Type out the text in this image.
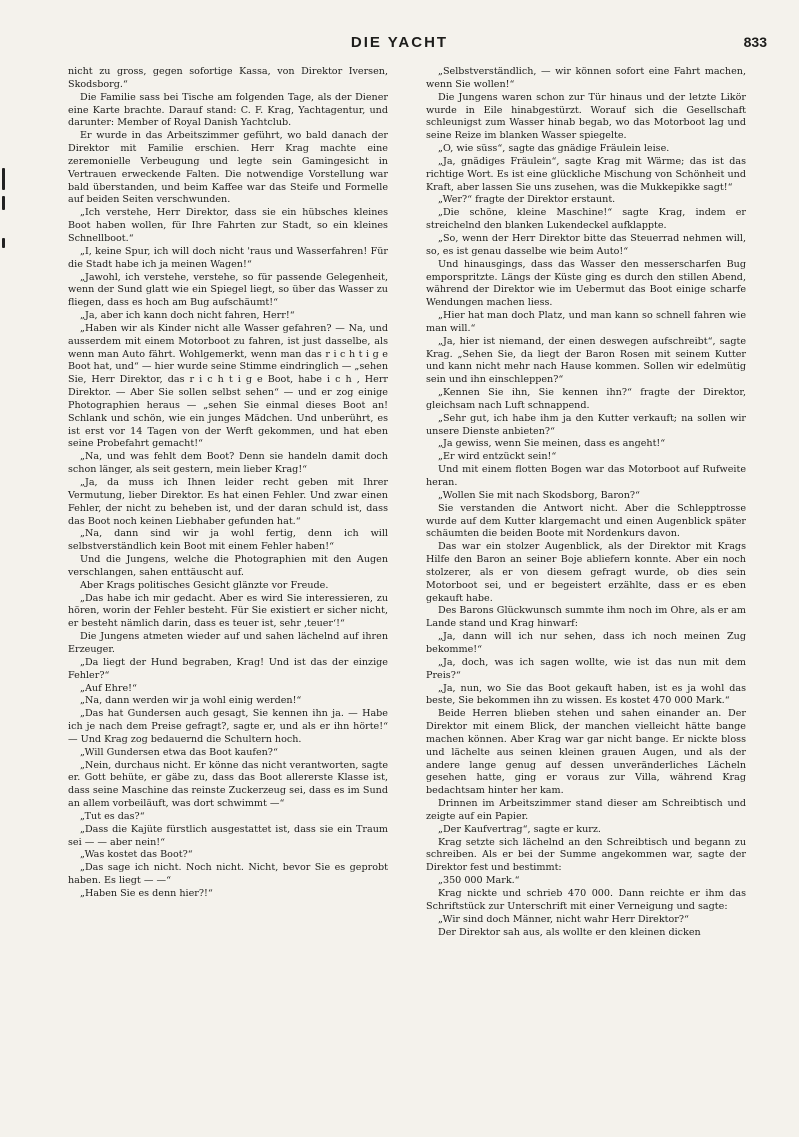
DIE YACHT	833

nicht zu gross, gegen sofortige Kassa, von Direktor Iversen, Skodsborg.“

Die Familie sass bei Tische am folgenden Tage, als der Diener eine Karte brachte. Darauf stand: C. F. Krag, Yachtagentur, und darunter: Member of Royal Danish Yachtclub.

Er wurde in das Arbeitszimmer geführt, wo bald danach der Direktor mit Familie erschien. Herr Krag machte eine zeremonielle Verbeugung und legte sein Gamingesicht in Vertrauen erweckende Falten. Die notwendige Vorstellung war bald überstanden, und beim Kaffee war das Steife und Formelle auf beiden Seiten verschwunden.

„Ich verstehe, Herr Direktor, dass sie ein hübsches kleines Boot haben wollen, für Ihre Fahrten zur Stadt, so ein kleines Schnellboot.“

„I, keine Spur, ich will doch nicht 'raus und Wasserfahren! Für die Stadt habe ich ja meinen Wagen!“

„Jawohl, ich verstehe, verstehe, so für passende Gelegenheit, wenn der Sund glatt wie ein Spiegel liegt, so über das Wasser zu fliegen, dass es hoch am Bug aufschäumt!“

„Ja, aber ich kann doch nicht fahren, Herr!“

„Haben wir als Kinder nicht alle Wasser gefahren? — Na, und ausserdem mit einem Motorboot zu fahren, ist just dasselbe, als wenn man Auto fährt. Wohlgemerkt, wenn man das r i c h t i g e Boot hat, und“ — hier wurde seine Stimme eindringlich — „sehen Sie, Herr Direktor, das r i c h t i g e Boot, habe i c h , Herr Direktor. — Aber Sie sollen selbst sehen“ — und er zog einige Photographien heraus — „sehen Sie einmal dieses Boot an! Schlank und schön, wie ein junges Mädchen. Und unberührt, es ist erst vor 14 Tagen von der Werft gekommen, und hat eben seine Probefahrt gemacht!“

„Na, und was fehlt dem Boot? Denn sie handeln damit doch schon länger, als seit gestern, mein lieber Krag!“

„Ja, da muss ich Ihnen leider recht geben mit Ihrer Vermutung, lieber Direktor. Es hat einen Fehler. Und zwar einen Fehler, der nicht zu beheben ist, und der daran schuld ist, dass das Boot noch keinen Liebhaber gefunden hat.“

„Na, dann sind wir ja wohl fertig, denn ich will selbstverständlich kein Boot mit einem Fehler haben!“

Und die Jungens, welche die Photographien mit den Augen verschlangen, sahen enttäuscht auf.

Aber Krags politisches Gesicht glänzte vor Freude.

„Das habe ich mir gedacht. Aber es wird Sie interessieren, zu hören, worin der Fehler besteht. Für Sie existiert er sicher nicht, er besteht nämlich darin, dass es teuer ist, sehr ‚teuer‘!“

Die Jungens atmeten wieder auf und sahen lächelnd auf ihren Erzeuger.

„Da liegt der Hund begraben, Krag! Und ist das der einzige Fehler?“

„Auf Ehre!“

„Na, dann werden wir ja wohl einig werden!“

„Das hat Gundersen auch gesagt, Sie kennen ihn ja. — Habe ich je nach dem Preise gefragt?, sagte er, und als er ihn hörte!“ — Und Krag zog bedauernd die Schultern hoch.

„Will Gundersen etwa das Boot kaufen?“

„Nein, durchaus nicht. Er könne das nicht verantworten, sagte er. Gott behüte, er gäbe zu, dass das Boot allererste Klasse ist, dass seine Maschine das reinste Zuckerzeug sei, dass es im Sund an allem vorbeiläuft, was dort schwimmt —“

„Tut es das?“

„Dass die Kajüte fürstlich ausgestattet ist, dass sie ein Traum sei — — aber nein!“

„Was kostet das Boot?“

„Das sage ich nicht. Noch nicht. Nicht, bevor Sie es geprobt haben. Es liegt — —“

„Haben Sie es denn hier?!“

„Selbstverständlich, — wir können sofort eine Fahrt machen, wenn Sie wollen!“

Die Jungens waren schon zur Tür hinaus und der letzte Likör wurde in Eile hinabgestürzt. Worauf sich die Gesellschaft schleunigst zum Wasser hinab begab, wo das Motorboot lag und seine Reize im blanken Wasser spiegelte.

„O, wie süss“, sagte das gnädige Fräulein leise.

„Ja, gnädiges Fräulein“, sagte Krag mit Wärme; das ist das richtige Wort. Es ist eine glückliche Mischung von Schönheit und Kraft, aber lassen Sie uns zusehen, was die Mukkepikke sagt!“

„Wer?“ fragte der Direktor erstaunt.

„Die schöne, kleine Maschine!“ sagte Krag, indem er streichelnd den blanken Lukendeckel aufklappte.

„So, wenn der Herr Direktor bitte das Steuerrad nehmen will, so, es ist genau dasselbe wie beim Auto!“

Und hinausgings, dass das Wasser den messerscharfen Bug emporspritzte. Längs der Küste ging es durch den stillen Abend, während der Direktor wie im Uebermut das Boot einige scharfe Wendungen machen liess.

„Hier hat man doch Platz, und man kann so schnell fahren wie man will.“

„Ja, hier ist niemand, der einen deswegen aufschreibt“, sagte Krag. „Sehen Sie, da liegt der Baron Rosen mit seinem Kutter und kann nicht mehr nach Hause kommen. Sollen wir edelmütig sein und ihn einschleppen?“

„Kennen Sie ihn, Sie kennen ihn?“ fragte der Direktor, gleichsam nach Luft schnappend.

„Sehr gut, ich habe ihm ja den Kutter verkauft; na sollen wir unsere Dienste anbieten?“

„Ja gewiss, wenn Sie meinen, dass es angeht!“

„Er wird entzückt sein!“

Und mit einem flotten Bogen war das Motorboot auf Rufweite heran.

„Wollen Sie mit nach Skodsborg, Baron?“

Sie verstanden die Antwort nicht. Aber die Schlepptrosse wurde auf dem Kutter klargemacht und einen Augenblick später schäumten die beiden Boote mit Nordenkurs davon.

Das war ein stolzer Augenblick, als der Direktor mit Krags Hilfe den Baron an seiner Boje abliefern konnte. Aber ein noch stolzerer, als er von diesem gefragt wurde, ob dies sein Motorboot sei, und er begeistert erzählte, dass er es eben gekauft habe.

Des Barons Glückwunsch summte ihm noch im Ohre, als er am Lande stand und Krag hinwarf:

„Ja, dann will ich nur sehen, dass ich noch meinen Zug bekomme!“

„Ja, doch, was ich sagen wollte, wie ist das nun mit dem Preis?“

„Ja, nun, wo Sie das Boot gekauft haben, ist es ja wohl das beste, Sie bekommen ihn zu wissen. Es kostet 470 000 Mark.“

Beide Herren blieben stehen und sahen einander an. Der Direktor mit einem Blick, der manchen vielleicht hätte bange machen können. Aber Krag war gar nicht bange. Er nickte bloss und lächelte aus seinen kleinen grauen Augen, und als der andere lange genug auf dessen unveränderliches Lächeln gesehen hatte, ging er voraus zur Villa, während Krag bedachtsam hinter her kam.

Drinnen im Arbeitszimmer stand dieser am Schreibtisch und zeigte auf ein Papier.

„Der Kaufvertrag“, sagte er kurz.

Krag setzte sich lächelnd an den Schreibtisch und begann zu schreiben. Als er bei der Summe angekommen war, sagte der Direktor fest und bestimmt:

„350 000 Mark.“

Krag nickte und schrieb 470 000. Dann reichte er ihm das Schriftstück zur Unterschrift mit einer Verneigung und sagte:

„Wir sind doch Männer, nicht wahr Herr Direktor?“

Der Direktor sah aus, als wollte er den kleinen dicken
